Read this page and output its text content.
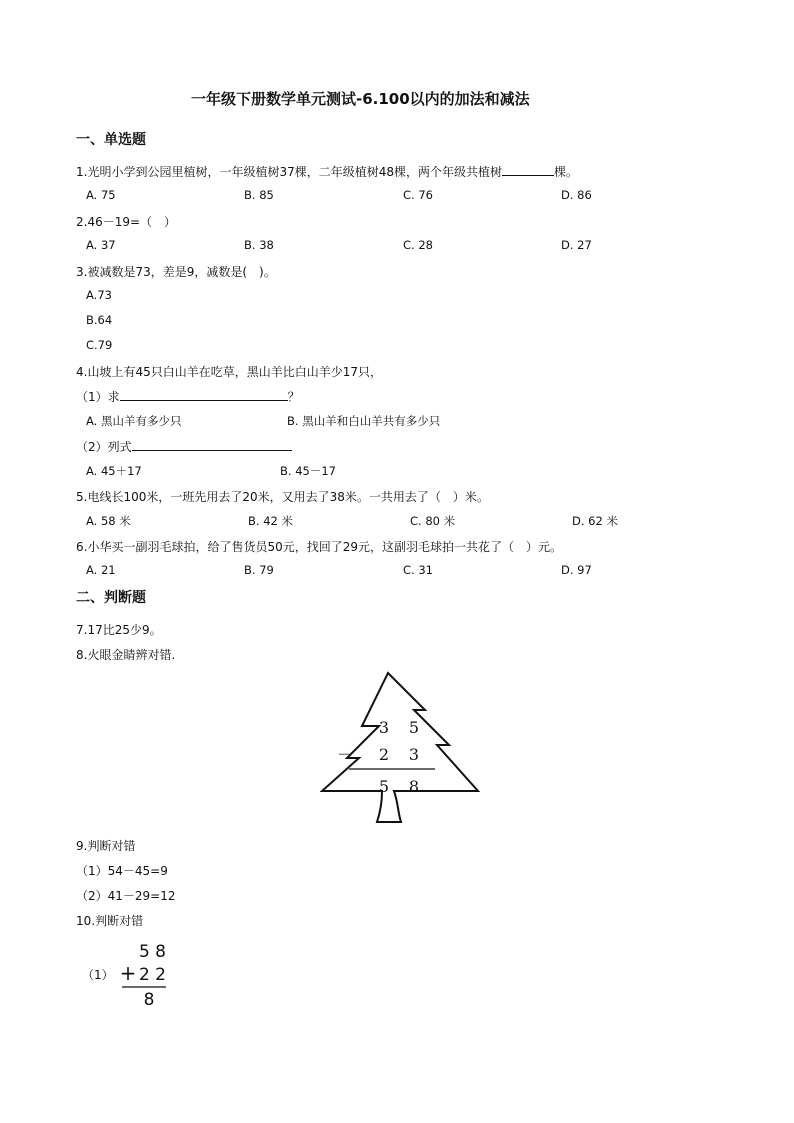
一年级下册数学单元测试-6.100以内的加法和减法
一、单选题
1.光明小学到公园里植树，一年级植树37棵，二年级植树48棵，两个年级共植树	棵。
A. 75	B. 85	C. 76	D. 86
2.46－19=（　）
A. 37	B. 38	C. 28	D. 27
3.被减数是73，差是9，减数是(　)。
A.73
B.64
C.79
4.山坡上有45只白山羊在吃草，黑山羊比白山羊少17只，
（1）求	？
A. 黑山羊有多少只	B. 黑山羊和白山羊共有多少只
（2）列式
A. 45＋17	B. 45－17
5.电线长100米，一班先用去了20米，又用去了38米。一共用去了（　）米。
A. 58 米	B. 42 米	C. 80 米	D. 62 米
6.小华买一副羽毛球拍，给了售货员50元，找回了29元，这副羽毛球拍一共花了（　）元。
A. 21	B. 79	C. 31	D. 97
二、判断题
7.17比25少9。
8.火眼金睛辨对错.
3 5
－ 2 3
5 8
9.判断对错
（1）54－45=9
（2）41－29=12
10.判断对错
（1）
5 8
+ 2 2
8
